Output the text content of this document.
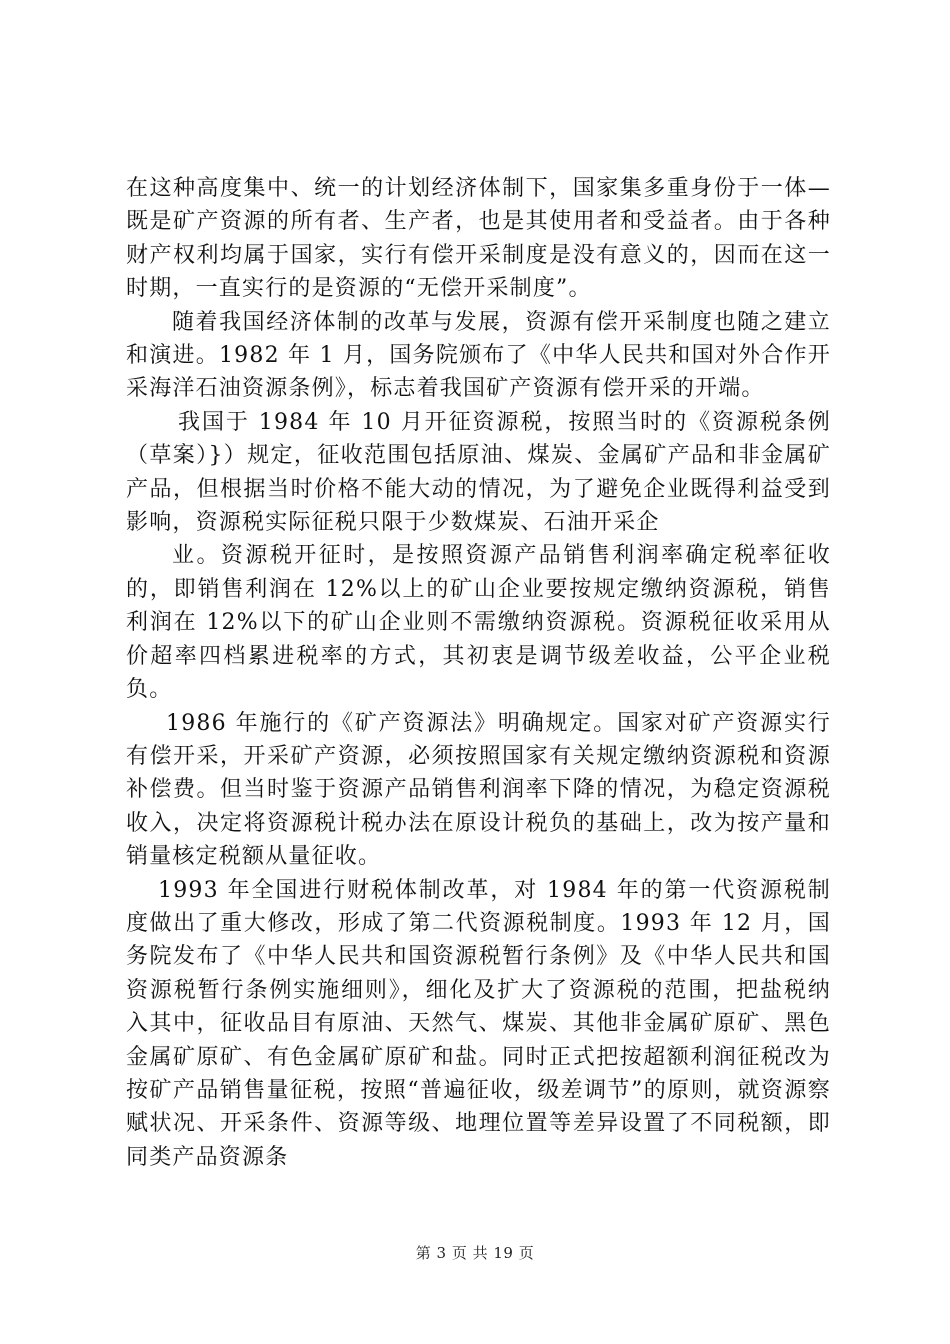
在这种高度集中、统一的计划经济体制下，国家集多重身份于一体—既是矿产资源的所有者、生产者，也是其使用者和受益者。由于各种财产权利均属于国家，实行有偿开采制度是没有意义的，因而在这一时期，一直实行的是资源的“无偿开采制度”。

随着我国经济体制的改革与发展，资源有偿开采制度也随之建立和演进。1982 年 1 月，国务院颁布了《中华人民共和国对外合作开采海洋石油资源条例》，标志着我国矿产资源有偿开采的开端。

我国于 1984 年 10 月开征资源税，按照当时的《资源税条例（草案）}）规定，征收范围包括原油、煤炭、金属矿产品和非金属矿产品，但根据当时价格不能大动的情况，为了避免企业既得利益受到影响，资源税实际征税只限于少数煤炭、石油开采企

业。资源税开征时，是按照资源产品销售利润率确定税率征收的，即销售利润在 12%以上的矿山企业要按规定缴纳资源税，销售利润在 12%以下的矿山企业则不需缴纳资源税。资源税征收采用从价超率四档累进税率的方式，其初衷是调节级差收益，公平企业税负。

1986 年施行的《矿产资源法》明确规定。国家对矿产资源实行有偿开采，开采矿产资源，必须按照国家有关规定缴纳资源税和资源补偿费。但当时鉴于资源产品销售利润率下降的情况，为稳定资源税收入，决定将资源税计税办法在原设计税负的基础上，改为按产量和销量核定税额从量征收。

1993 年全国进行财税体制改革，对 1984 年的第一代资源税制度做出了重大修改，形成了第二代资源税制度。1993 年 12 月，国务院发布了《中华人民共和国资源税暂行条例》及《中华人民共和国资源税暂行条例实施细则》，细化及扩大了资源税的范围，把盐税纳入其中，征收品目有原油、天然气、煤炭、其他非金属矿原矿、黑色金属矿原矿、有色金属矿原矿和盐。同时正式把按超额利润征税改为按矿产品销售量征税，按照“普遍征收，级差调节”的原则，就资源察赋状况、开采条件、资源等级、地理位置等差异设置了不同税额，即同类产品资源条

第 3 页 共 19 页
